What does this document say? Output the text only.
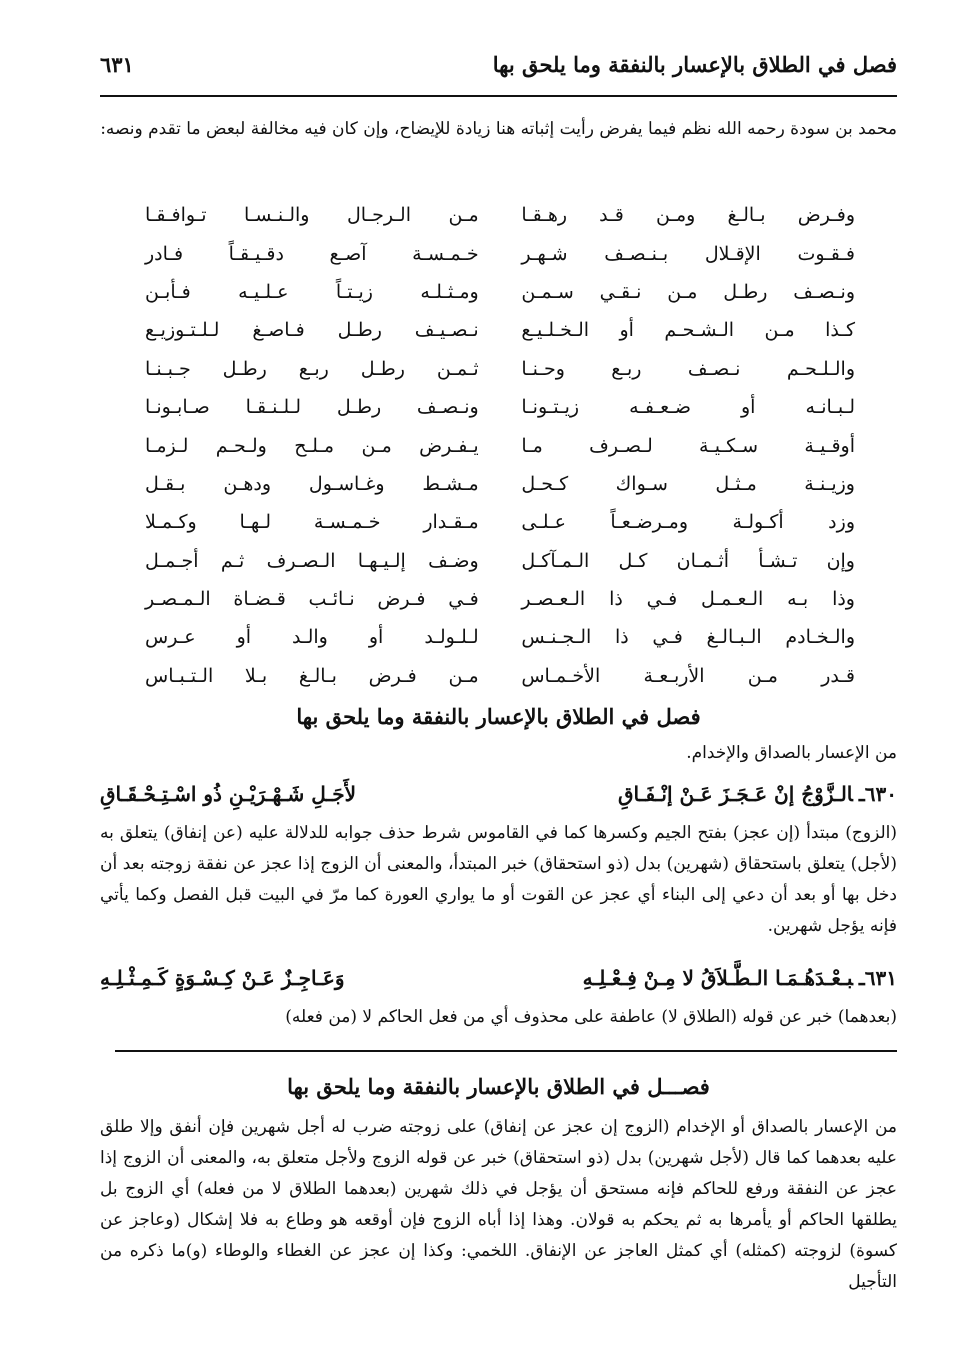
فصل في الطلاق بالإعسار بالنفقة وما يلحق بها
٦٣١
محمد بن سودة رحمه الله نظم فيما يفرض رأيت إثباته هنا زيادة للإيضاح، وإن كان فيه مخالفة لبعض ما تقدم ونصه:
وفـرض بـالـغ ومـن قـد رهـقـا
مـن الـرجـال والـنـسـا تـوافـقـا
فـقـوت الإقـلال بـنـصـف شـهـر
خـمـسـة آصـع دقـيـقـاً فـادر
ونـصـف رطـل مـن نـقـي سـمـن
ومـثـلـه زيـتـاً عـلـيـه فـأبـن
كـذا مـن الـشـحـم أو الـخـلـيـع
نـصـيـف رطـل فـاصـغ لـلـتـوزيـع
والـلـحـم نـصـف ربـع وحـنـا
ثـمـن رطـل ربـع رطـل جـبـنـا
لـبـانـه أو ضـعـفـه زيـتـونـا
ونـصـف رطـل لـلـنـقـا صـابـونـا
أوقـيـة سـكـيـة لـصـرف مـا
يـفـرض مـن مـلـح ولـحـم لـزمـا
وزيـنـة مـثـل سـواك كـحـل
مـشـط وغـاسـول ودهـن بـقـل
وزد أكـولـة ومـرضـعـاً عـلـى
مـقـدار خـمـسـة لـهـا وكـمـلا
وإن تـشـأ أثـمـان كـل الـمـآكـل
وضـف إلـيـهـا الـصـرف ثـم أجـمـل
وذا بـه الـعـمـل فـي ذا الـعـصـر
فـي فـرض نـائـب قـضـاة الـمـصـر
والـخـادم الـبـالـغ فـي ذا الـجـنـس
لـلـولـد أو والـد أو عـرس
قـدر مـن الأربـعـة الأخـمـاس
مـن فـرض بـالـغ بـلا الـتـبـاس
فصل في الطلاق بالإعسار بالنفقة وما يلحق بها
من الإعسار بالصداق والإخدام.
٦٣٠ـالـزَّوْجُ إنْ عَـجَـزَ عَـنْ إنْـفَـاقِ
لأَجَـلِ شَـهْـرَيْـنِ ذُو اسْـتِـحْـقَـاقِ
(الزوج) مبتدأ (إن عجز) بفتح الجيم وكسرها كما في القاموس شرط حذف جوابه للدلالة عليه (عن إنفاق) يتعلق به (لأجل) يتعلق باستحقاق (شهرين) بدل (ذو استحقاق) خبر المبتدأ، والمعنى أن الزوج إذا عجز عن نفقة زوجته بعد أن دخل بها أو بعد أن دعي إلى البناء أي عجز عن القوت أو ما يواري العورة كما مرّ في البيت قبل الفصل وكما يأتي فإنه يؤجل شهرين.
٦٣١ـبـعْـدَهُـمَـا الـطَّـلاَقُ لا مِـنْ فِـعْـلِـهِ
وَعَـاجِـزٌ عَـنْ كِـسْـوَةٍ كَـمِـثْـلِـهِ
(بعدهما) خبر عن قوله (الطلاق لا) عاطفة على محذوف أي من فعل الحاكم لا (من فعله)
فصـــل في الطلاق بالإعسار بالنفقة وما يلحق بها
من الإعسار بالصداق أو الإخدام (الزوج إن عجز عن إنفاق) على زوجته ضرب له أجل شهرين فإن أنفق وإلا طلق عليه بعدهما كما قال (لأجل شهرين) بدل (ذو استحقاق) خبر عن قوله الزوج ولأجل متعلق به، والمعنى أن الزوج إذا عجز عن النفقة ورفع للحاكم فإنه مستحق أن يؤجل في ذلك شهرين (بعدهما الطلاق لا من فعله) أي الزوج بل يطلقها الحاكم أو يأمرها به ثم يحكم به قولان. وهذا إذا أباه الزوج فإن أوقعه هو وطاع به فلا إشكال (وعاجز عن كسوة) لزوجته (كمثله) أي كمثل العاجز عن الإنفاق. اللخمي: وكذا إن عجز عن الغطاء والوطاء (و)ما ذكره من التأجيل
